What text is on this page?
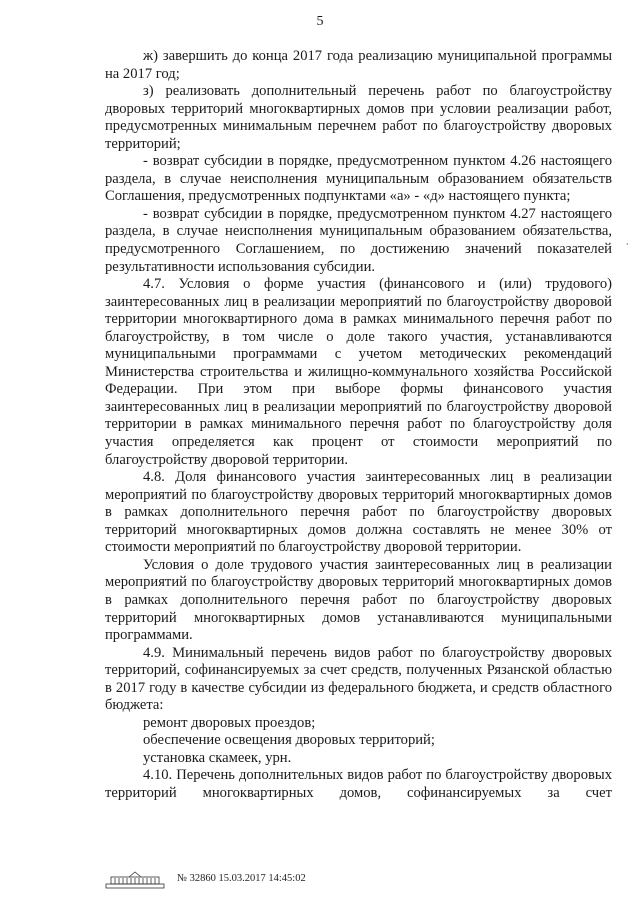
5

ж) завершить до конца 2017 года реализацию муниципальной программы на 2017 год;

з) реализовать дополнительный перечень работ по благоустройству дворовых территорий многоквартирных домов при условии реализации работ, предусмотренных минимальным перечнем работ по благоустройству дворовых территорий;

- возврат субсидии в порядке, предусмотренном пунктом 4.26 настоящего раздела, в случае неисполнения муниципальным образованием обязательств Соглашения, предусмотренных подпунктами «а» - «д» настоящего пункта;

- возврат субсидии в порядке, предусмотренном пунктом 4.27 настоящего раздела, в случае неисполнения муниципальным образованием обязательства, предусмотренного Соглашением, по достижению значений показателей результативности использования субсидии.

4.7. Условия о форме участия (финансового и (или) трудового) заинтересованных лиц в реализации мероприятий по благоустройству дворовой территории многоквартирного дома в рамках минимального перечня работ по благоустройству, в том числе о доле такого участия, устанавливаются муниципальными программами с учетом методических рекомендаций Министерства строительства и жилищно-коммунального хозяйства Российской Федерации. При этом при выборе формы финансового участия заинтересованных лиц в реализации мероприятий по благоустройству дворовой территории в рамках минимального перечня работ по благоустройству доля участия определяется как процент от стоимости мероприятий по благоустройству дворовой территории.

4.8. Доля финансового участия заинтересованных лиц в реализации мероприятий по благоустройству дворовых территорий многоквартирных домов в рамках дополнительного перечня работ по благоустройству дворовых территорий многоквартирных домов должна составлять не менее 30% от стоимости мероприятий по благоустройству дворовой территории.

Условия о доле трудового участия заинтересованных лиц в реализации мероприятий по благоустройству дворовых территорий многоквартирных домов в рамках дополнительного перечня работ по благоустройству дворовых территорий многоквартирных домов устанавливаются муниципальными программами.

4.9. Минимальный перечень видов работ по благоустройству дворовых территорий, софинансируемых за счет средств, полученных Рязанской областью в 2017 году в качестве субсидии из федерального бюджета, и средств областного бюджета:

ремонт дворовых проездов;

обеспечение освещения дворовых территорий;

установка скамеек, урн.

4.10. Перечень дополнительных видов работ по благоустройству дворовых территорий многоквартирных домов, софинансируемых за счет

ˈ
№ 32860 15.03.2017 14:45:02
